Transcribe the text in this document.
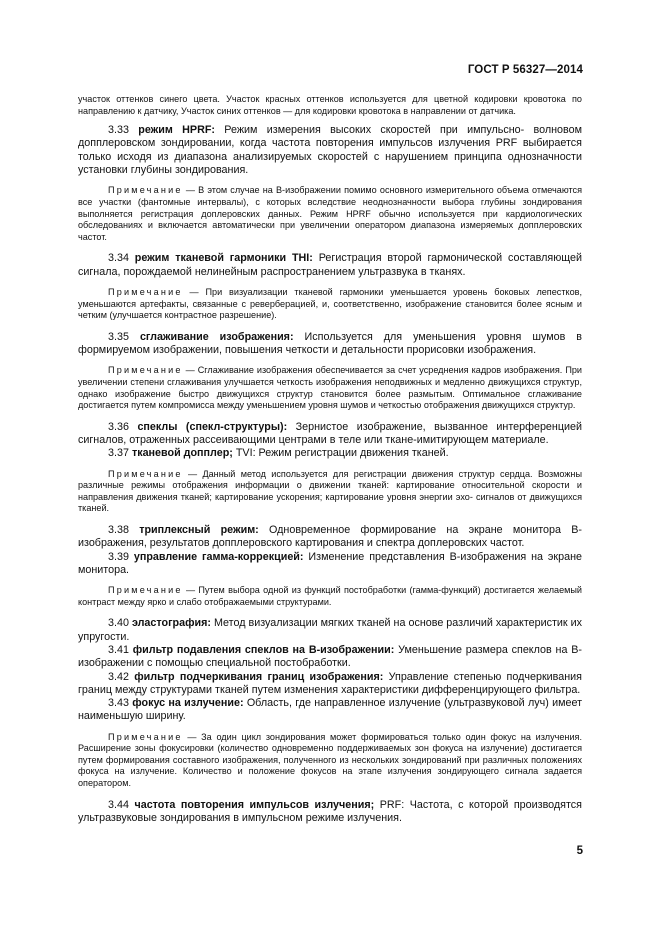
ГОСТ Р 56327—2014

участок оттенков синего цвета. Участок красных оттенков используется для цветной кодировки кровотока по направлению к датчику, Участок синих оттенков — для кодировки кровотока в направлении от датчика.

3.33 режим HPRF: Режим измерения высоких скоростей при импульсно- волновом допплеровском зондировании, когда частота повторения импульсов излучения PRF выбирается только исходя из диапазона анализируемых скоростей с нарушением принципа однозначности установки глубины зондирования.

Примечание — В этом случае на B-изображении помимо основного измерительного объема отмечаются все участки (фантомные интервалы), с которых вследствие неоднозначности выбора глубины зондирования выполняется регистрация доплеровских данных. Режим HPRF обычно используется при кардиологических обследованиях и включается автоматически при увеличении оператором диапазона измеряемых допплеровских частот.

3.34 режим тканевой гармоники THI: Регистрация второй гармонической составляющей сигнала, порождаемой нелинейным распространением ультразвука в тканях.

Примечание — При визуализации тканевой гармоники уменьшается уровень боковых лепестков, уменьшаются артефакты, связанные с реверберацией, и, соответственно, изображение становится более ясным и четким (улучшается контрастное разрешение).

3.35 сглаживание изображения: Используется для уменьшения уровня шумов в формируемом изображении, повышения четкости и детальности прорисовки изображения.

Примечание — Сглаживание изображения обеспечивается за счет усреднения кадров изображения. При увеличении степени сглаживания улучшается четкость изображения неподвижных и медленно движущихся структур, однако изображение быстро движущихся структур становится более размытым. Оптимальное сглаживание достигается путем компромисса между уменьшением уровня шумов и четкостью отображения движущихся структур.

3.36 спеклы (спекл-структуры): Зернистое изображение, вызванное интерференцией сигналов, отраженных рассеивающими центрами в теле или ткане-имитирующем материале.

3.37 тканевой допплер; TVI: Режим регистрации движения тканей.

Примечание — Данный метод используется для регистрации движения структур сердца. Возможны различные режимы отображения информации о движении тканей: картирование относительной скорости и направления движения тканей; картирование ускорения; картирование уровня энергии эхо- сигналов от движущихся тканей.

3.38 триплексный режим: Одновременное формирование на экране монитора B-изображения, результатов допплеровского картирования и спектра доплеровских частот.

3.39 управление гамма-коррекцией: Изменение представления B-изображения на экране монитора.

Примечание — Путем выбора одной из функций постобработки (гамма-функций) достигается желаемый контраст между ярко и слабо отображаемыми структурами.

3.40 эластография: Метод визуализации мягких тканей на основе различий характеристик их упругости.

3.41 фильтр подавления спеклов на B-изображении: Уменьшение размера спеклов на B-изображении с помощью специальной постобработки.

3.42 фильтр подчеркивания границ изображения: Управление степенью подчеркивания границ между структурами тканей путем изменения характеристики дифференцирующего фильтра.

3.43 фокус на излучение: Область, где направленное излучение (ультразвуковой луч) имеет наименьшую ширину.

Примечание — За один цикл зондирования может формироваться только один фокус на излучения. Расширение зоны фокусировки (количество одновременно поддерживаемых зон фокуса на излучение) достигается путем формирования составного изображения, полученного из нескольких зондирований при различных положениях фокуса на излучение. Количество и положение фокусов на этапе излучения зондирующего сигнала задается оператором.

3.44 частота повторения импульсов излучения; PRF: Частота, с которой производятся ультразвуковые зондирования в импульсном режиме излучения.

5
